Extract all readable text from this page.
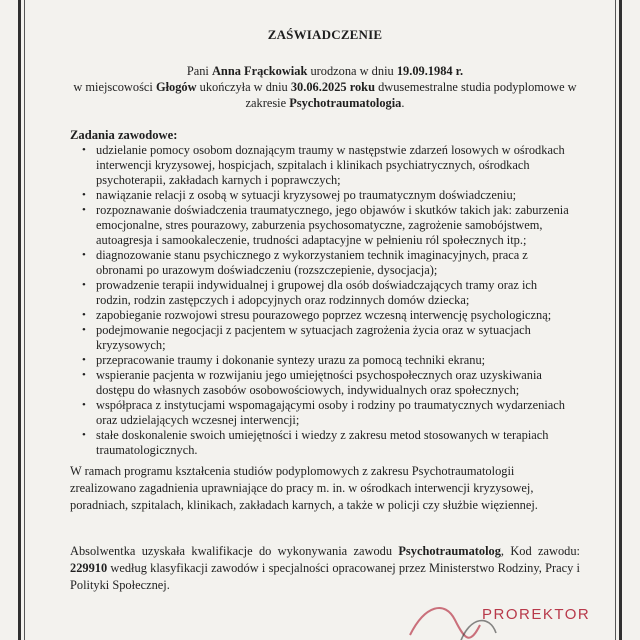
ZAŚWIADCZENIE

Pani Anna Frąckowiak urodzona w dniu 19.09.1984 r.

w miejscowości Głogów ukończyła w dniu 30.06.2025 roku dwusemestralne studia podyplomowe w

zakresie Psychotraumatologia.

Zadania zawodowe:
• udzielanie pomocy osobom doznającym traumy w następstwie zdarzeń losowych w ośrodkach interwencji kryzysowej, hospicjach, szpitalach i klinikach psychiatrycznych, ośrodkach psychoterapii, zakładach karnych i poprawczych;
• nawiązanie relacji z osobą w sytuacji kryzysowej po traumatycznym doświadczeniu;
• rozpoznawanie doświadczenia traumatycznego, jego objawów i skutków takich jak: zaburzenia emocjonalne, stres pourazowy, zaburzenia psychosomatyczne, zagrożenie samobójstwem, autoagresja i samookaleczenie, trudności adaptacyjne w pełnieniu ról społecznych itp.;
• diagnozowanie stanu psychicznego z wykorzystaniem technik imaginacyjnych, praca z obronami po urazowym doświadczeniu (rozszczepienie, dysocjacja);
• prowadzenie terapii indywidualnej i grupowej dla osób doświadczających tramy oraz ich rodzin, rodzin zastępczych i adopcyjnych oraz rodzinnych domów dziecka;
• zapobieganie rozwojowi stresu pourazowego poprzez wczesną interwencję psychologiczną;
• podejmowanie negocjacji z pacjentem w sytuacjach zagrożenia życia oraz w sytuacjach kryzysowych;
• przepracowanie traumy i dokonanie syntezy urazu za pomocą techniki ekranu;
• wspieranie pacjenta w rozwijaniu jego umiejętności psychospołecznych oraz uzyskiwania dostępu do własnych zasobów osobowościowych, indywidualnych oraz społecznych;
• współpraca z instytucjami wspomagającymi osoby i rodziny po traumatycznych wydarzeniach oraz udzielających wczesnej interwencji;
• stałe doskonalenie swoich umiejętności i wiedzy z zakresu metod stosowanych w terapiach traumatologicznych.
W ramach programu kształcenia studiów podyplomowych z zakresu Psychotraumatologii zrealizowano zagadnienia uprawniające do pracy m. in. w ośrodkach interwencji kryzysowej, poradniach, szpitalach, klinikach, zakładach karnych, a także w policji czy służbie więziennej.
Absolwentka uzyskała kwalifikacje do wykonywania zawodu Psychotraumatolog, Kod zawodu: 229910 według klasyfikacji zawodów i specjalności opracowanej przez Ministerstwo Rodziny, Pracy i Polityki Społecznej.
PROREKTOR
